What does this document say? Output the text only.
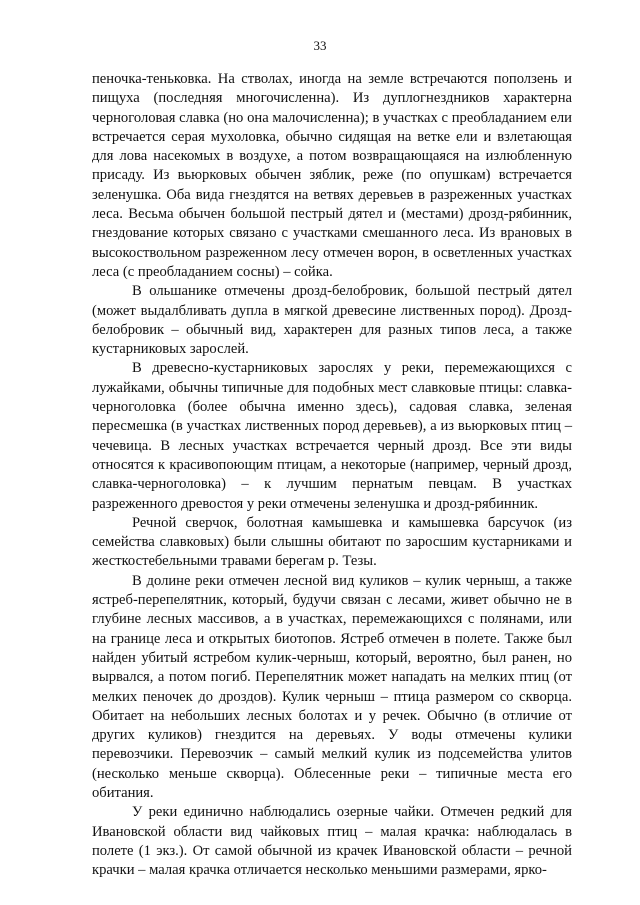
33

пеночка-теньковка. На стволах, иногда на земле встречаются поползень и пищуха (последняя многочисленна). Из дуплогнездников характерна черноголовая славка (но она малочисленна); в участках с преобладанием ели встречается серая мухоловка, обычно сидящая на ветке ели и взлетающая для лова насекомых в воздухе, а потом возвращающаяся на излюбленную присаду. Из вьюрковых обычен зяблик, реже (по опушкам) встречается зеленушка. Оба вида гнездятся на ветвях деревьев в разреженных участках леса. Весьма обычен большой пестрый дятел и (местами) дрозд-рябинник, гнездование которых связано с участками смешанного леса. Из врановых в высокоствольном разреженном лесу отмечен ворон, в осветленных участках леса (с преобладанием сосны) – сойка.

В ольшанике отмечены дрозд-белобровик, большой пестрый дятел (может выдалбливать дупла в мягкой древесине лиственных пород). Дрозд-белобровик – обычный вид, характерен для разных типов леса, а также кустарниковых зарослей.

В древесно-кустарниковых зарослях у реки, перемежающихся с лужайками, обычны типичные для подобных мест славковые птицы: славка-черноголовка (более обычна именно здесь), садовая славка, зеленая пересмешка (в участках лиственных пород деревьев), а из вьюрковых птиц – чечевица. В лесных участках встречается черный дрозд. Все эти виды относятся к красивопоющим птицам, а некоторые (например, черный дрозд, славка-черноголовка) – к лучшим пернатым певцам. В участках разреженного древостоя у реки отмечены зеленушка и дрозд-рябинник.

Речной сверчок, болотная камышевка и камышевка барсучок (из семейства славковых) были слышны обитают по заросшим кустарниками и жесткостебельными травами берегам р. Тезы.

В долине реки отмечен лесной вид куликов – кулик черныш, а также ястреб-перепелятник, который, будучи связан с лесами, живет обычно не в глубине лесных массивов, а в участках, перемежающихся с полянами, или на границе леса и открытых биотопов. Ястреб отмечен в полете. Также был найден убитый ястребом кулик-черныш, который, вероятно, был ранен, но вырвался, а потом погиб. Перепелятник может нападать на мелких птиц (от мелких пеночек до дроздов). Кулик черныш – птица размером со скворца. Обитает на небольших лесных болотах и у речек. Обычно (в отличие от других куликов) гнездится на деревьях. У воды отмечены кулики перевозчики. Перевозчик – самый мелкий кулик из подсемейства улитов (несколько меньше скворца). Облесенные реки – типичные места его обитания.

У реки единично наблюдались озерные чайки. Отмечен редкий для Ивановской области вид чайковых птиц – малая крачка: наблюдалась в полете (1 экз.). От самой обычной из крачек Ивановской области – речной крачки – малая крачка отличается несколько меньшими размерами, ярко-
